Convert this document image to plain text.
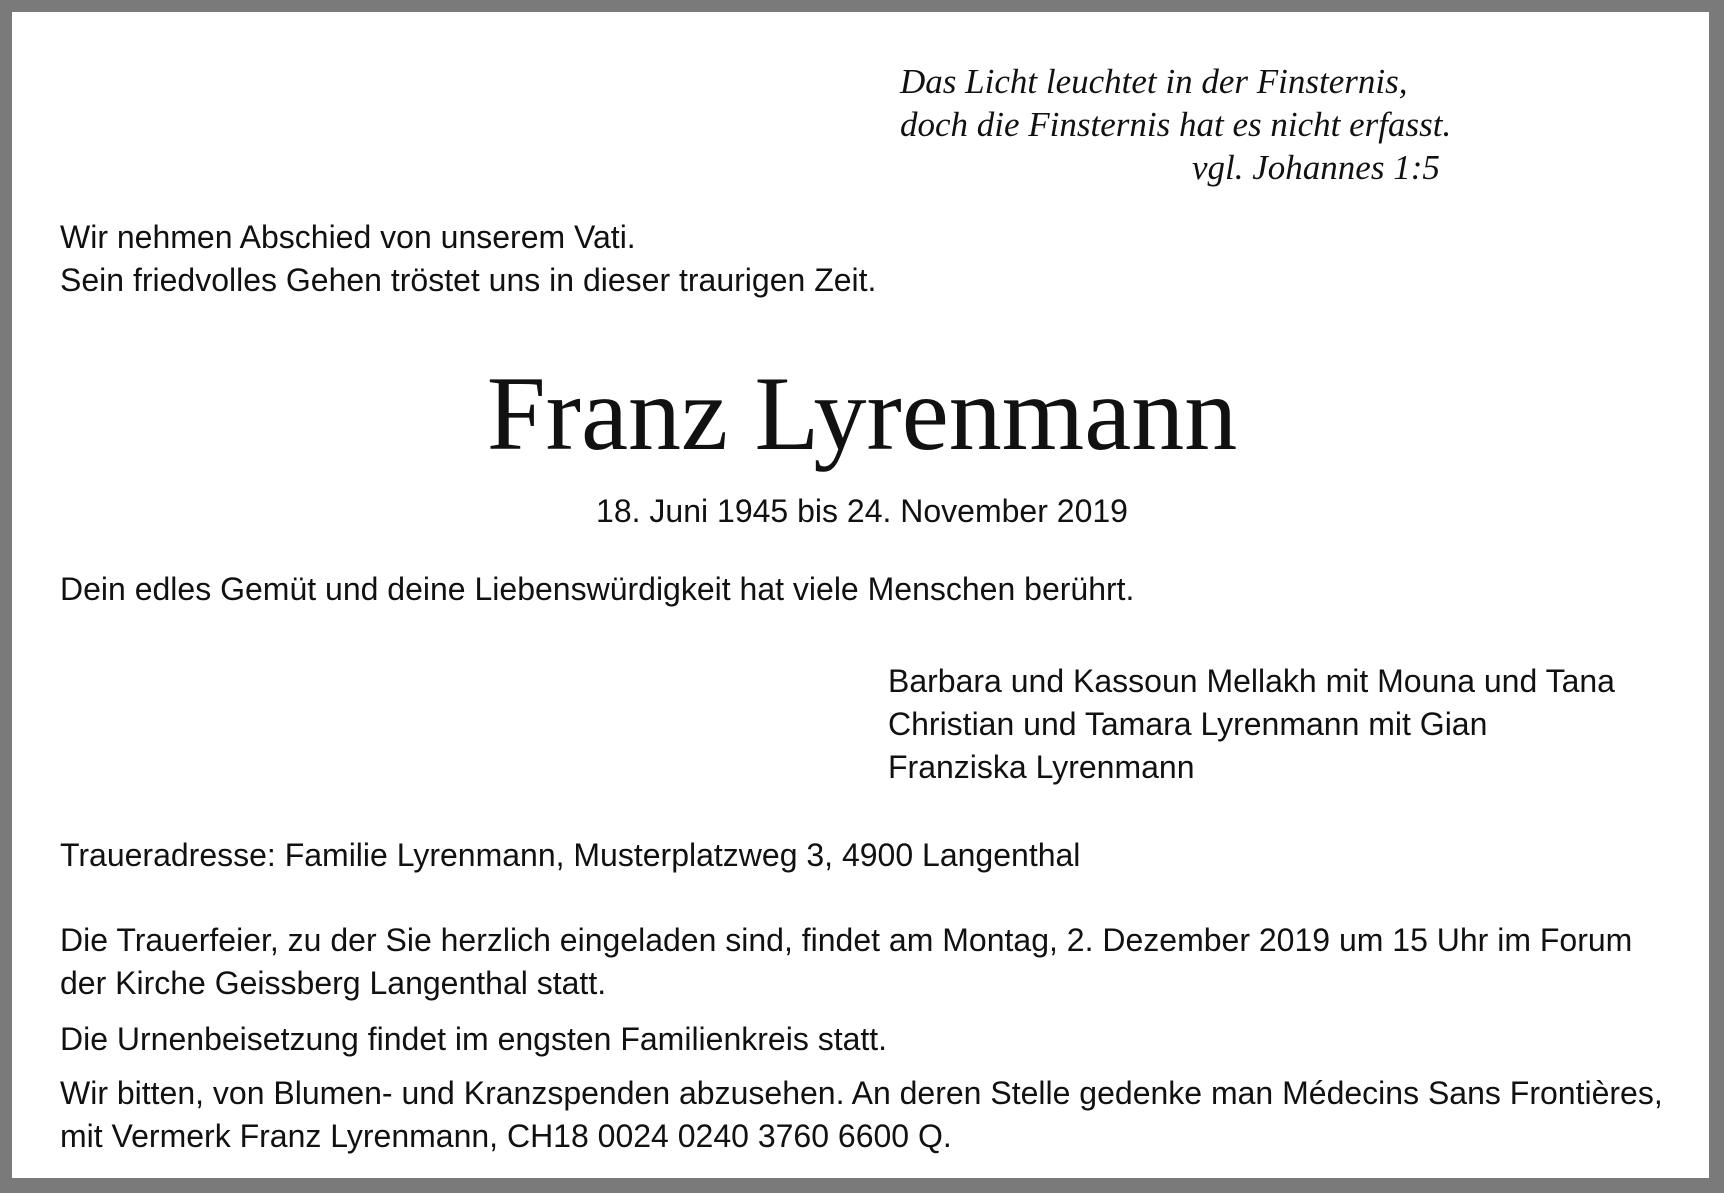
Das Licht leuchtet in der Finsternis,
doch die Finsternis hat es nicht erfasst.
vgl. Johannes 1:5
Wir nehmen Abschied von unserem Vati.
Sein friedvolles Gehen tröstet uns in dieser traurigen Zeit.
Franz Lyrenmann
18. Juni 1945 bis 24. November 2019
Dein edles Gemüt und deine Liebenswürdigkeit hat viele Menschen berührt.
Barbara und Kassoun Mellakh mit Mouna und Tana
Christian und Tamara Lyrenmann mit Gian
Franziska Lyrenmann
Traueradresse: Familie Lyrenmann, Musterplatzweg 3, 4900 Langenthal
Die Trauerfeier, zu der Sie herzlich eingeladen sind, findet am Montag, 2. Dezember 2019 um 15 Uhr im Forum
der Kirche Geissberg Langenthal statt.
Die Urnenbeisetzung findet im engsten Familienkreis statt.
Wir bitten, von Blumen- und Kranzspenden abzusehen. An deren Stelle gedenke man Médecins Sans Frontières,
mit Vermerk Franz Lyrenmann, CH18 0024 0240 3760 6600 Q.
